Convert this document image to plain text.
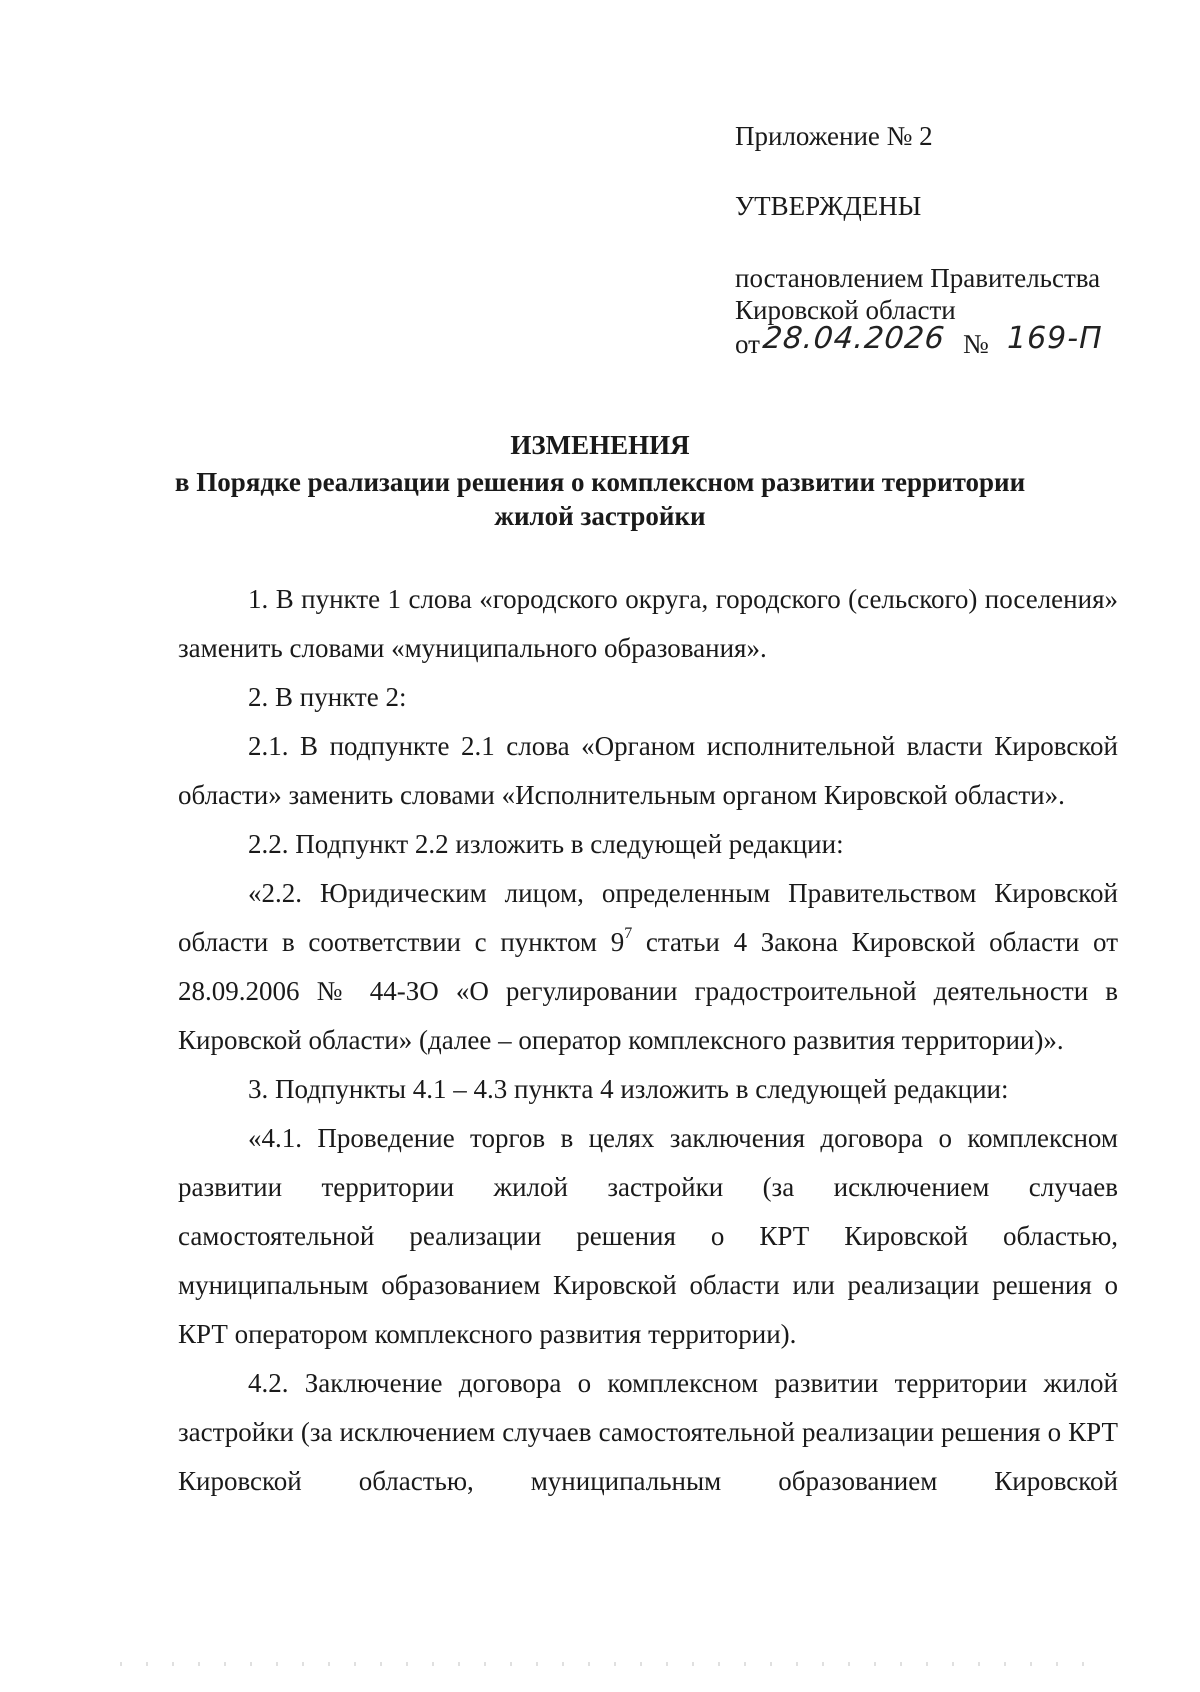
Приложение № 2
УТВЕРЖДЕНЫ
постановлением Правительства
Кировской области
от 28.04.2026 № 169-П
ИЗМЕНЕНИЯ
в Порядке реализации решения о комплексном развитии территории
жилой застройки

1. В пункте 1 слова «городского округа, городского (сельского) поселения» заменить словами «муниципального образования».

2. В пункте 2:

2.1. В подпункте 2.1 слова «Органом исполнительной власти Кировской области» заменить словами «Исполнительным органом Кировской области».

2.2. Подпункт 2.2 изложить в следующей редакции:

«2.2. Юридическим лицом, определенным Правительством Кировской области в соответствии с пунктом $9^7$ статьи 4 Закона Кировской области от 28.09.2006 № 44-ЗО «О регулировании градостроительной деятельности в Кировской области» (далее – оператор комплексного развития территории)».

3. Подпункты 4.1 – 4.3 пункта 4 изложить в следующей редакции:

«4.1. Проведение торгов в целях заключения договора о комплексном развитии территории жилой застройки (за исключением случаев самостоятельной реализации решения о КРТ Кировской областью, муниципальным образованием Кировской области или реализации решения о КРТ оператором комплексного развития территории).

4.2. Заключение договора о комплексном развитии территории жилой застройки (за исключением случаев самостоятельной реализации решения о КРТ Кировской областью, муниципальным образованием Кировской
